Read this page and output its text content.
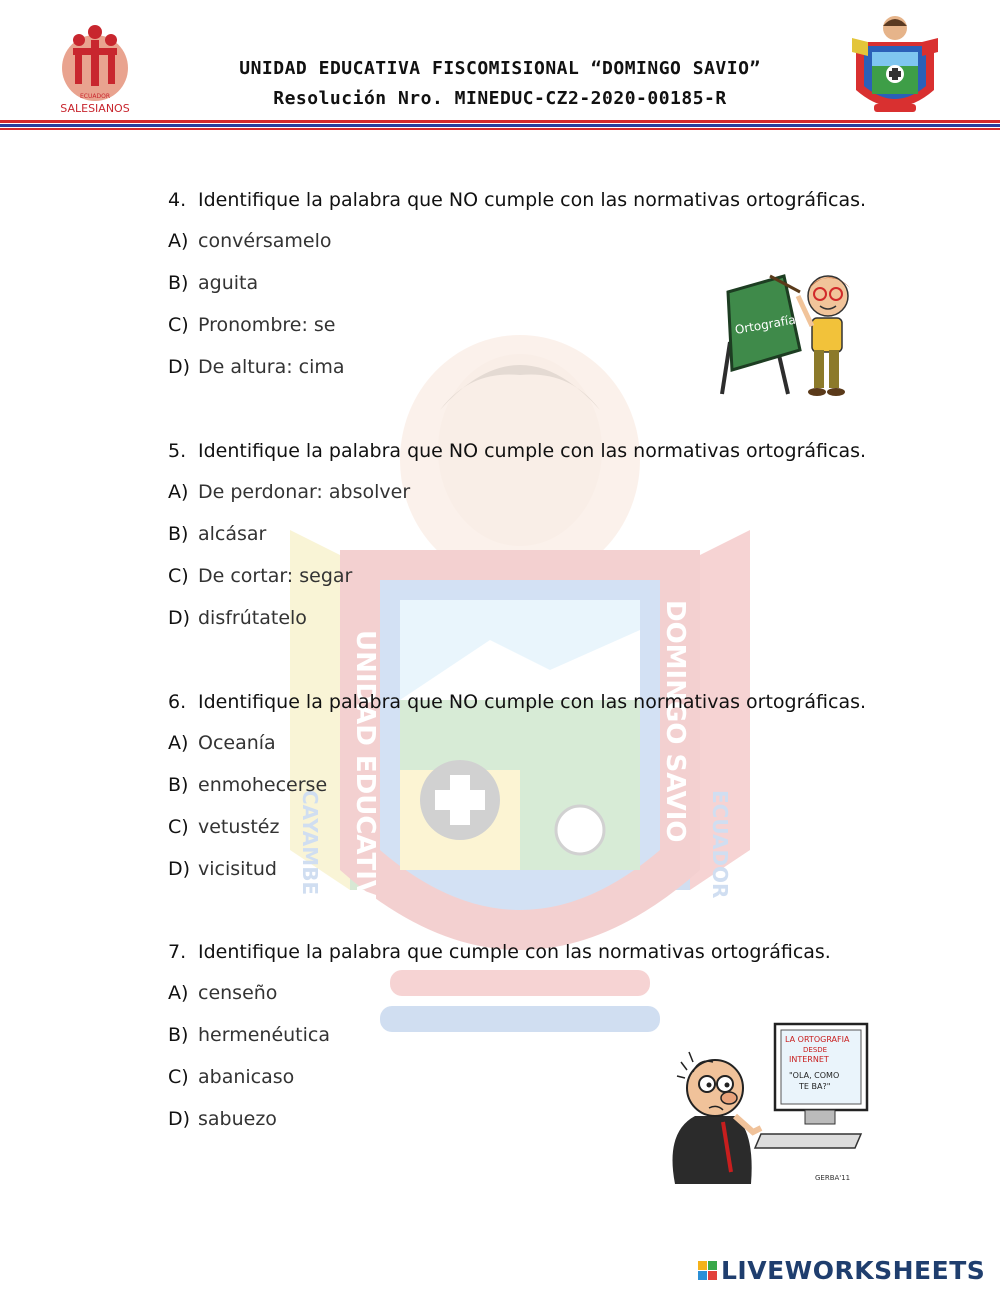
ECUADOR
SALESIANOS
UNIDAD EDUCATIVA FISCOMISIONAL “DOMINGO SAVIO”
Resolución Nro. MINEDUC-CZ2-2020-00185-R
UNIDAD EDUCATIVA	DOMINGO SAVIO
CAYAMBE	ECUADOR
4. Identifique la palabra que NO cumple con las normativas ortográficas.
A) convérsamelo
B) aguita
C) Pronombre: se
D) De altura: cima
5. Identifique la palabra que NO cumple con las normativas ortográficas.
A) De perdonar: absolver
B) alcásar
C) De cortar: segar
D) disfrútatelo
6. Identifique la palabra que NO cumple con las normativas ortográficas.
A) Oceanía
B) enmohecerse
C) vetustéz
D) vicisitud
7. Identifique la palabra que cumple con las normativas ortográficas.
A) censeño
B) hermenéutica
C) abanicaso
D) sabuezo
Ortografía
LA ORTOGRAFIA
DESDE
INTERNET
"OLA, COMO
TE BA?"
GERBA'11
LIVEWORKSHEETS
